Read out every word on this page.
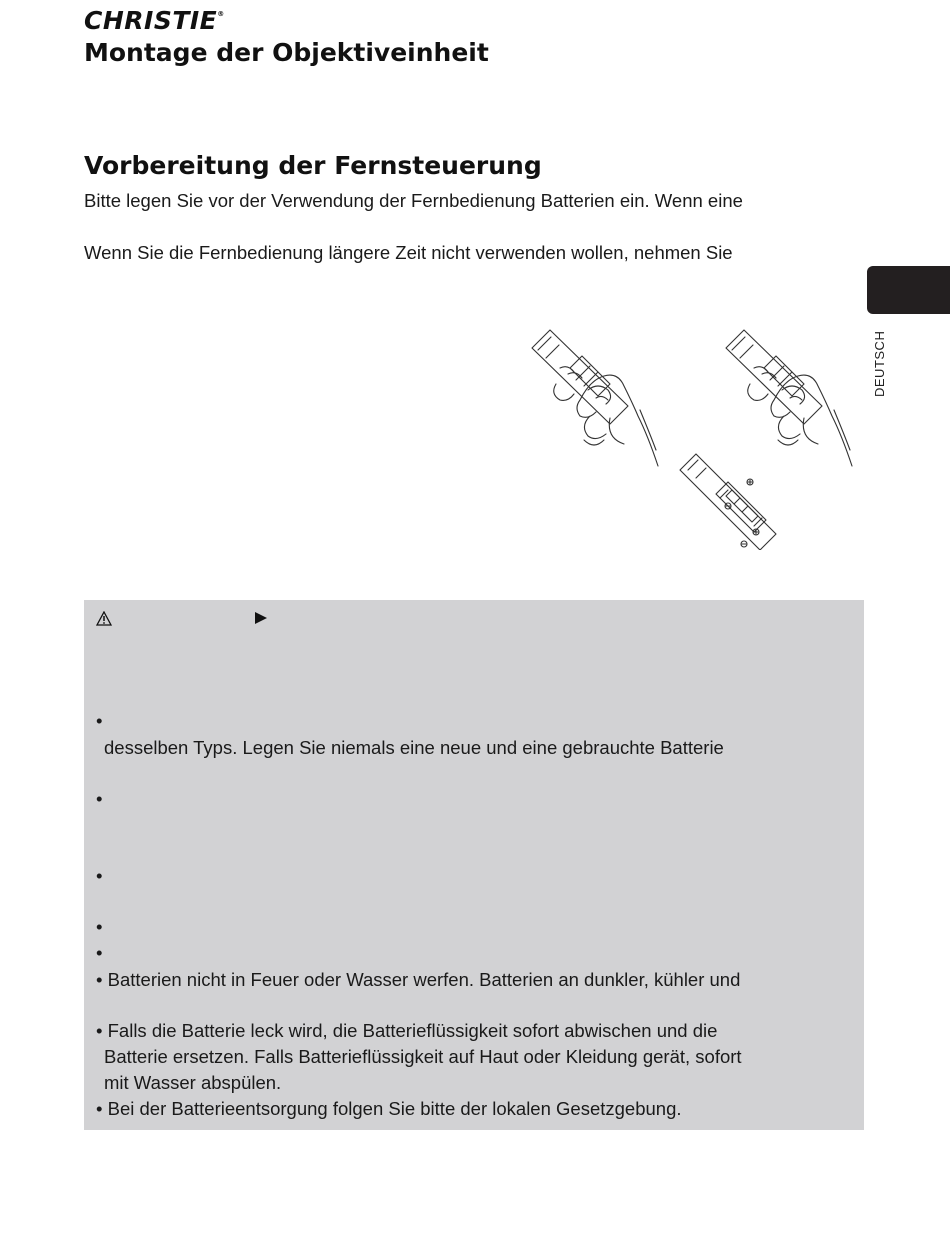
CHRISTIE®
Montage der Objektiveinheit
Vorbereitung der Fernsteuerung

Bitte legen Sie vor der Verwendung der Fernbedienung Batterien ein. Wenn eine

Wenn Sie die Fernbedienung längere Zeit nicht verwenden wollen, nehmen Sie

DEUTSCH

•

desselben Typs. Legen Sie niemals eine neue und eine gebrauchte Batterie

•

•

•

•

• Batterien nicht in Feuer oder Wasser werfen. Batterien an dunkler, kühler und

• Falls die Batterie leck wird, die Batterieflüssigkeit sofort abwischen und die

Batterie ersetzen. Falls Batterieflüssigkeit auf Haut oder Kleidung gerät, sofort

mit Wasser abspülen.

• Bei der Batterieentsorgung folgen Sie bitte der lokalen Gesetzgebung.
